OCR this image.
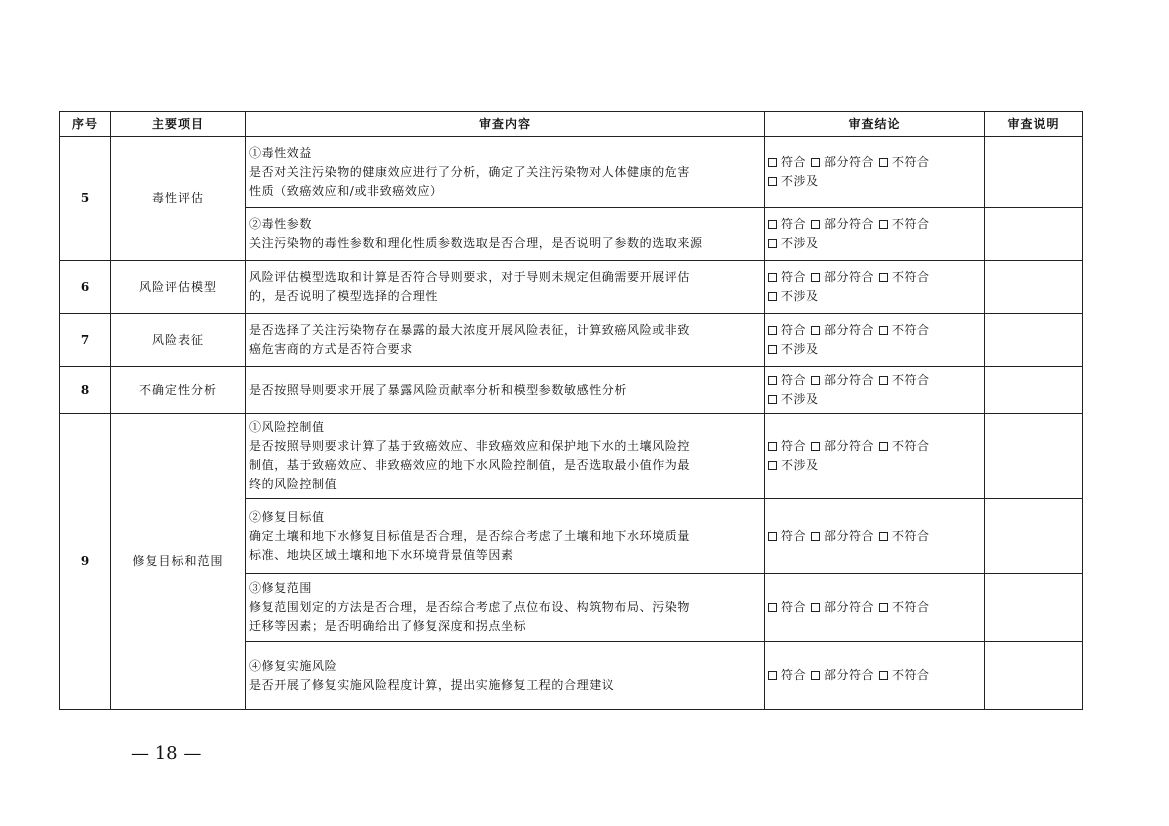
序号	主要项目	审查内容	审查结论	审查说明
5	毒性评估	①毒性效益
是否对关注污染物的健康效应进行了分析，确定了关注污染物对人体健康的危害
性质（致癌效应和/或非致癌效应）	符合 部分符合 不符合
不涉及	

		②毒性参数
关注污染物的毒性参数和理化性质参数选取是否合理，是否说明了参数的选取来源	符合 部分符合 不符合
不涉及	

6	风险评估模型	风险评估模型选取和计算是否符合导则要求，对于导则未规定但确需要开展评估
的，是否说明了模型选择的合理性	符合 部分符合 不符合
不涉及	

7	风险表征	是否选择了关注污染物存在暴露的最大浓度开展风险表征，计算致癌风险或非致
癌危害商的方式是否符合要求	符合 部分符合 不符合
不涉及	

8	不确定性分析	是否按照导则要求开展了暴露风险贡献率分析和模型参数敏感性分析	符合 部分符合 不符合
不涉及	

9	修复目标和范围	①风险控制值
是否按照导则要求计算了基于致癌效应、非致癌效应和保护地下水的土壤风险控
制值，基于致癌效应、非致癌效应的地下水风险控制值，是否选取最小值作为最
终的风险控制值	符合 部分符合 不符合
不涉及	

		②修复目标值
确定土壤和地下水修复目标值是否合理，是否综合考虑了土壤和地下水环境质量
标准、地块区域土壤和地下水环境背景值等因素	符合 部分符合 不符合	

		③修复范围
修复范围划定的方法是否合理，是否综合考虑了点位布设、构筑物布局、污染物
迁移等因素；是否明确给出了修复深度和拐点坐标	符合 部分符合 不符合	

		④修复实施风险
是否开展了修复实施风险程度计算，提出实施修复工程的合理建议	符合 部分符合 不符合	

— 18 —
